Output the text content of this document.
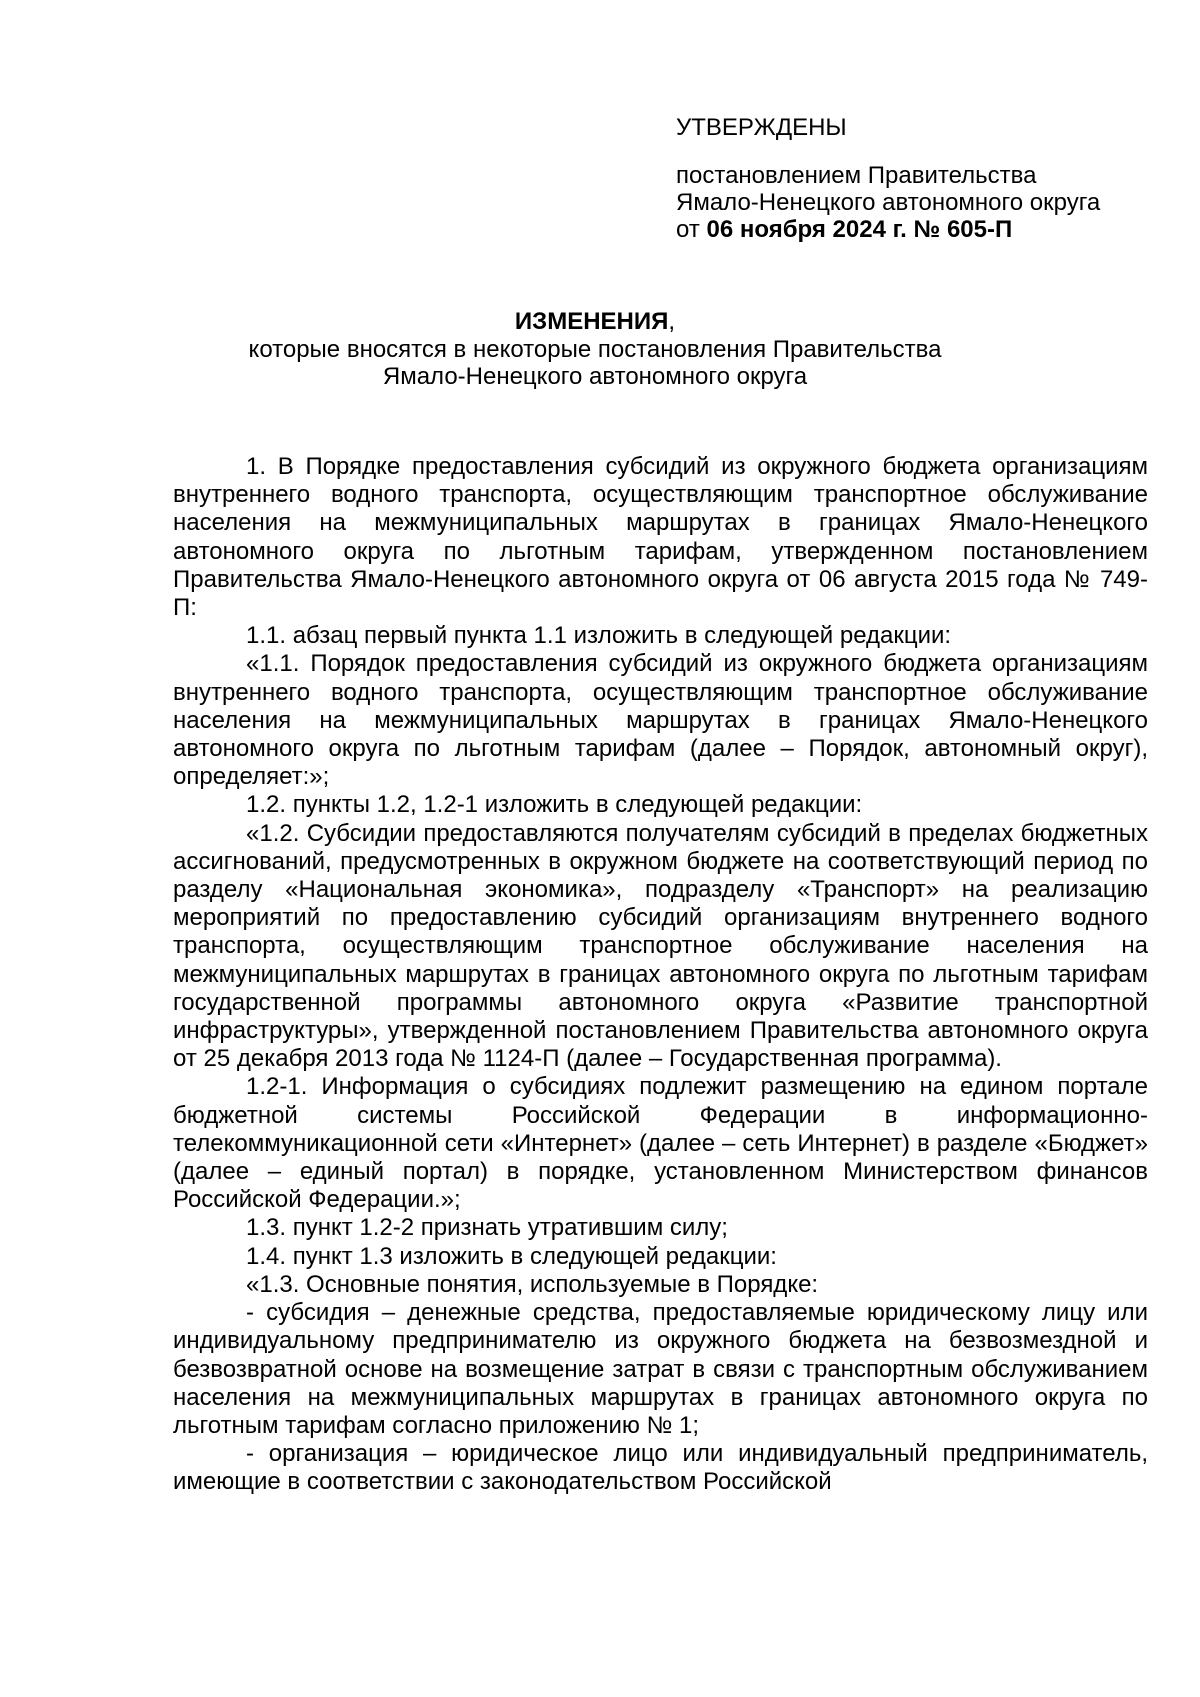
УТВЕРЖДЕНЫ
постановлением Правительства
Ямало-Ненецкого автономного округа
от 06 ноября 2024 г. № 605-П
ИЗМЕНЕНИЯ,
которые вносятся в некоторые постановления Правительства
Ямало-Ненецкого автономного округа

1. В Порядке предоставления субсидий из окружного бюджета организациям внутреннего водного транспорта, осуществляющим транспортное обслуживание населения на межмуниципальных маршрутах в границах Ямало-Ненецкого автономного округа по льготным тарифам, утвержденном постановлением Правительства Ямало-Ненецкого автономного округа от 06 августа 2015 года № 749-П:

1.1. абзац первый пункта 1.1 изложить в следующей редакции:

«1.1. Порядок предоставления субсидий из окружного бюджета организациям внутреннего водного транспорта, осуществляющим транспортное обслуживание населения на межмуниципальных маршрутах в границах Ямало-Ненецкого автономного округа по льготным тарифам (далее – Порядок, автономный округ), определяет:»;

1.2. пункты 1.2, 1.2-1 изложить в следующей редакции:

«1.2. Субсидии предоставляются получателям субсидий в пределах бюджетных ассигнований, предусмотренных в окружном бюджете на соответствующий период по разделу «Национальная экономика», подразделу «Транспорт» на реализацию мероприятий по предоставлению субсидий организациям внутреннего водного транспорта, осуществляющим транспортное обслуживание населения на межмуниципальных маршрутах в границах автономного округа по льготным тарифам государственной программы автономного округа «Развитие транспортной инфраструктуры», утвержденной постановлением Правительства автономного округа от 25 декабря 2013 года № 1124-П (далее – Государственная программа).

1.2-1. Информация о субсидиях подлежит размещению на едином портале бюджетной системы Российской Федерации в информационно-телекоммуникационной сети «Интернет» (далее – сеть Интернет) в разделе «Бюджет» (далее – единый портал) в порядке, установленном Министерством финансов Российской Федерации.»;

1.3. пункт 1.2-2 признать утратившим силу;

1.4. пункт 1.3 изложить в следующей редакции:

«1.3. Основные понятия, используемые в Порядке:

- субсидия – денежные средства, предоставляемые юридическому лицу или индивидуальному предпринимателю из окружного бюджета на безвозмездной и безвозвратной основе на возмещение затрат в связи с транспортным обслуживанием населения на межмуниципальных маршрутах в границах автономного округа по льготным тарифам согласно приложению № 1;

- организация – юридическое лицо или индивидуальный предприниматель, имеющие в соответствии с законодательством Российской
